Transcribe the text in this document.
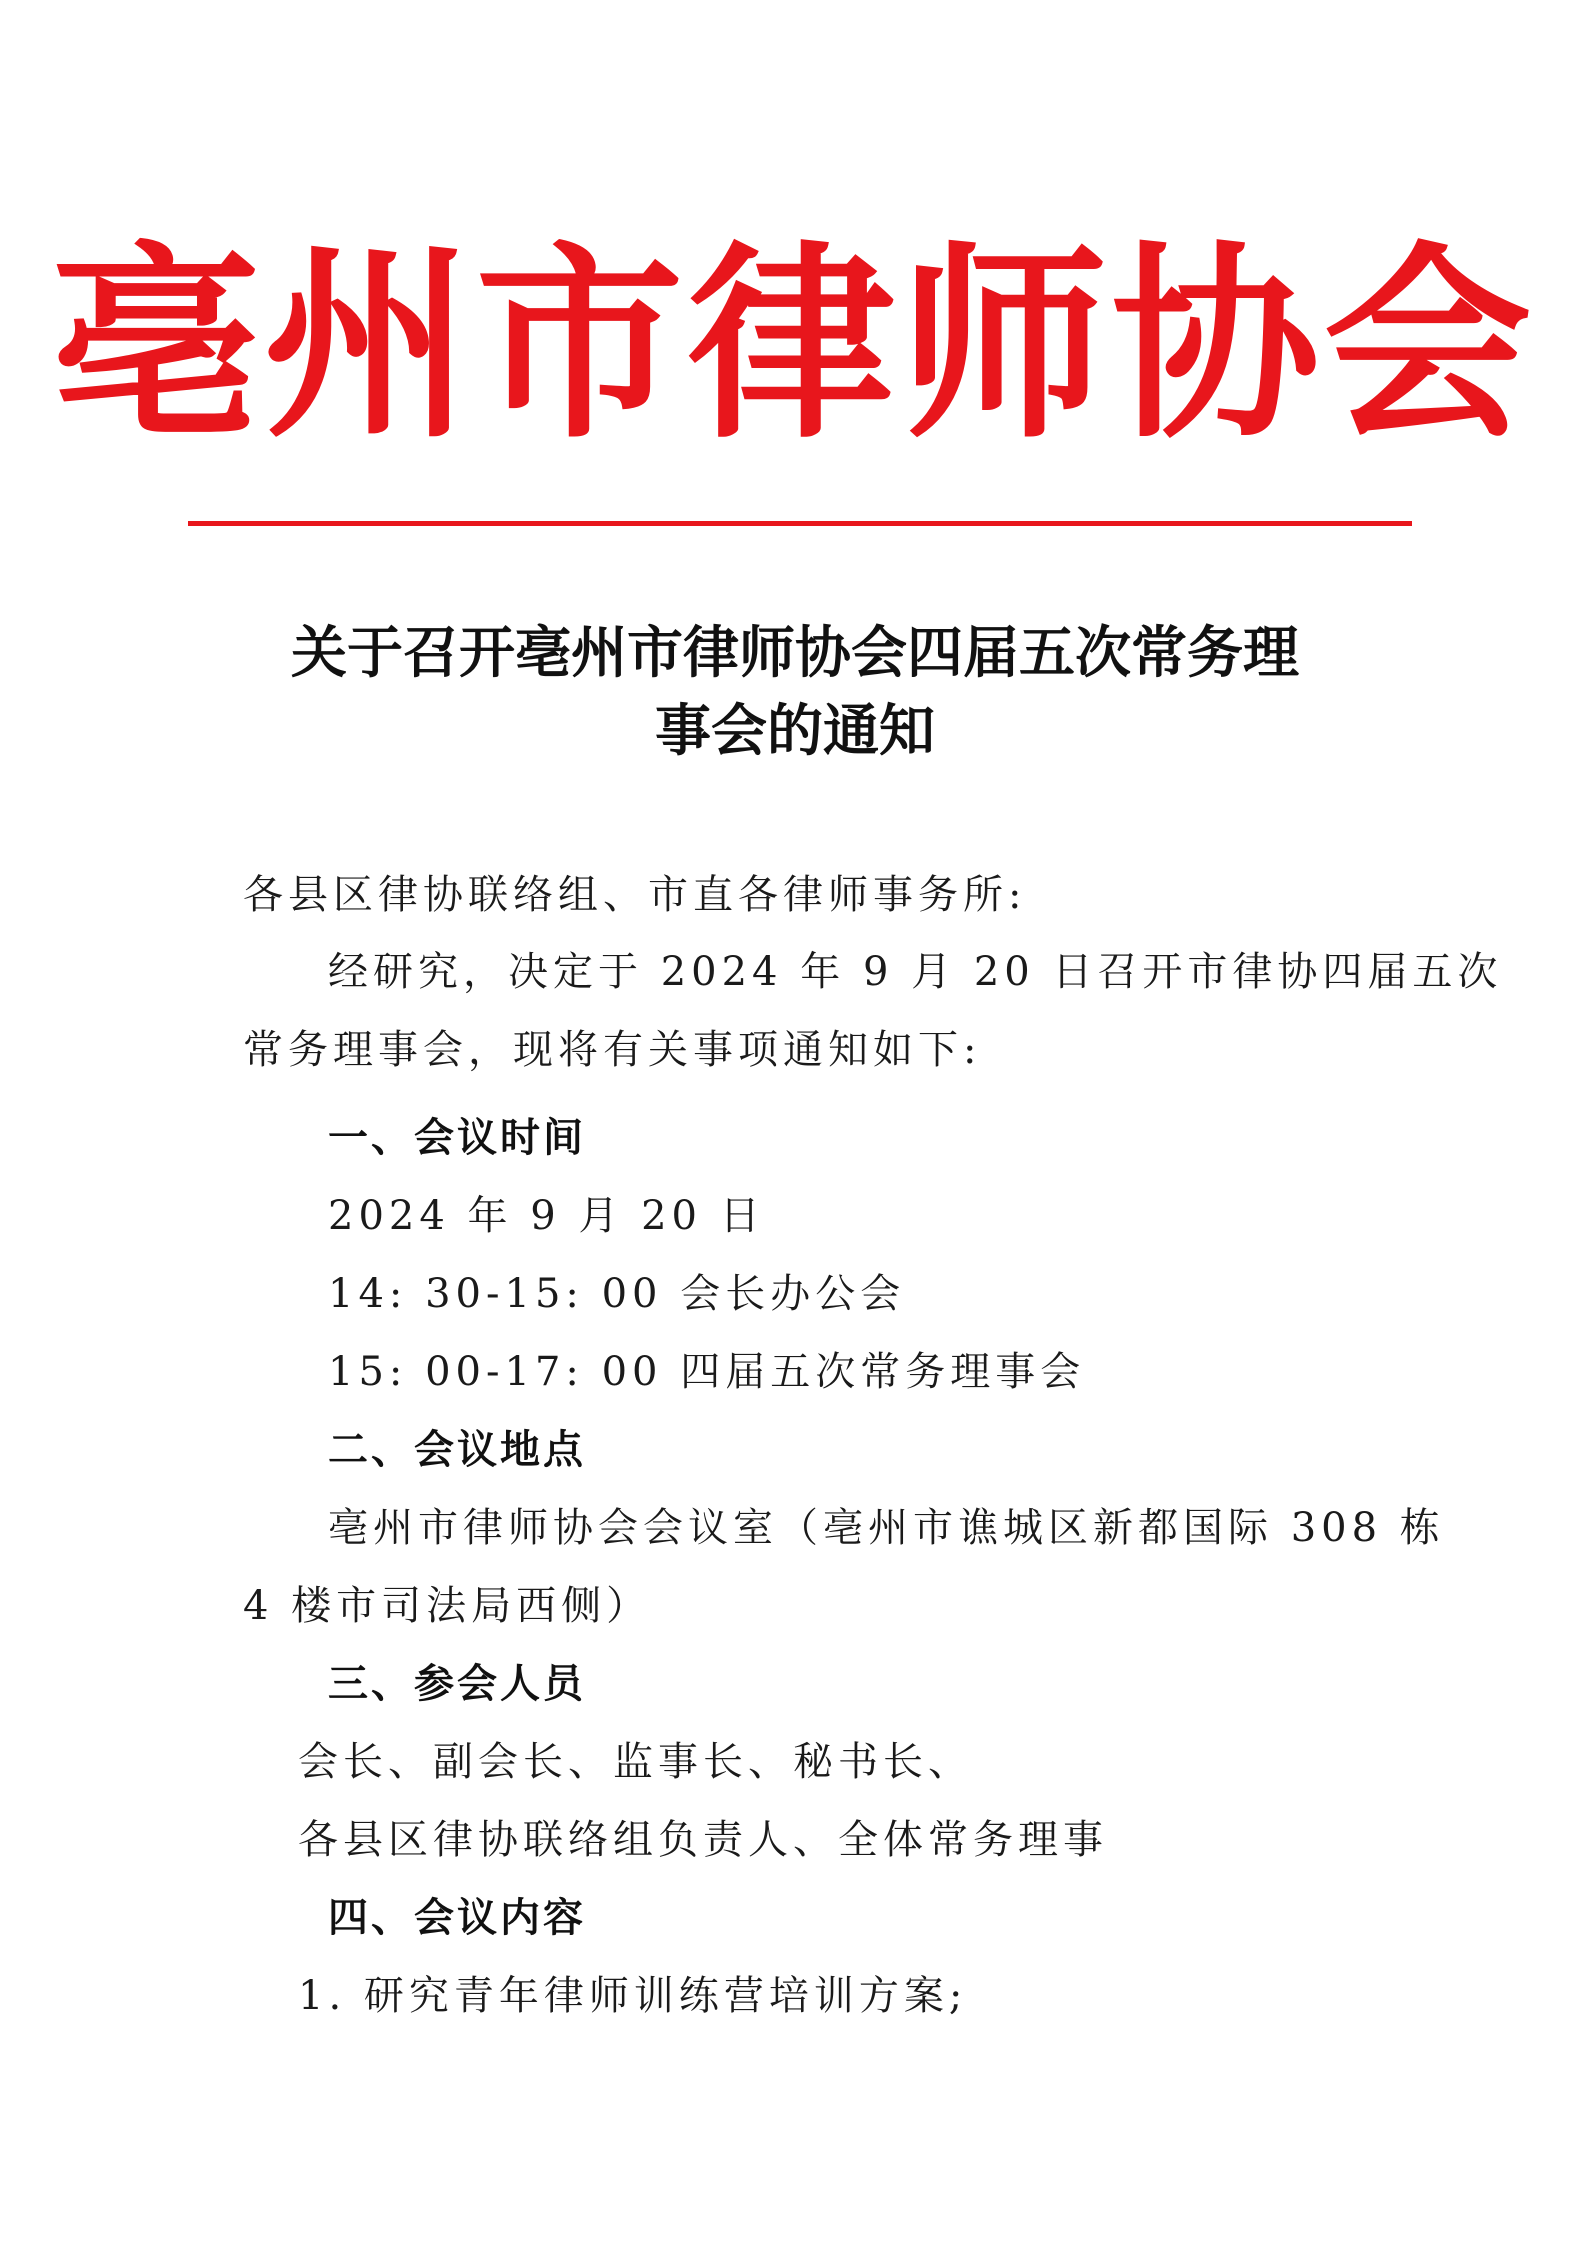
亳州市律师协会
关于召开亳州市律师协会四届五次常务理
事会的通知
各县区律协联络组、市直各律师事务所:
经研究，决定于 2024 年 9 月 20 日召开市律协四届五次
常务理事会，现将有关事项通知如下:
一、会议时间
2024 年 9 月 20 日
14: 30-15: 00 会长办公会
15: 00-17: 00 四届五次常务理事会
二、会议地点
亳州市律师协会会议室（亳州市谯城区新都国际 308 栋
4 楼市司法局西侧）
三、参会人员
会长、副会长、监事长、秘书长、
各县区律协联络组负责人、全体常务理事
四、会议内容
1. 研究青年律师训练营培训方案;
